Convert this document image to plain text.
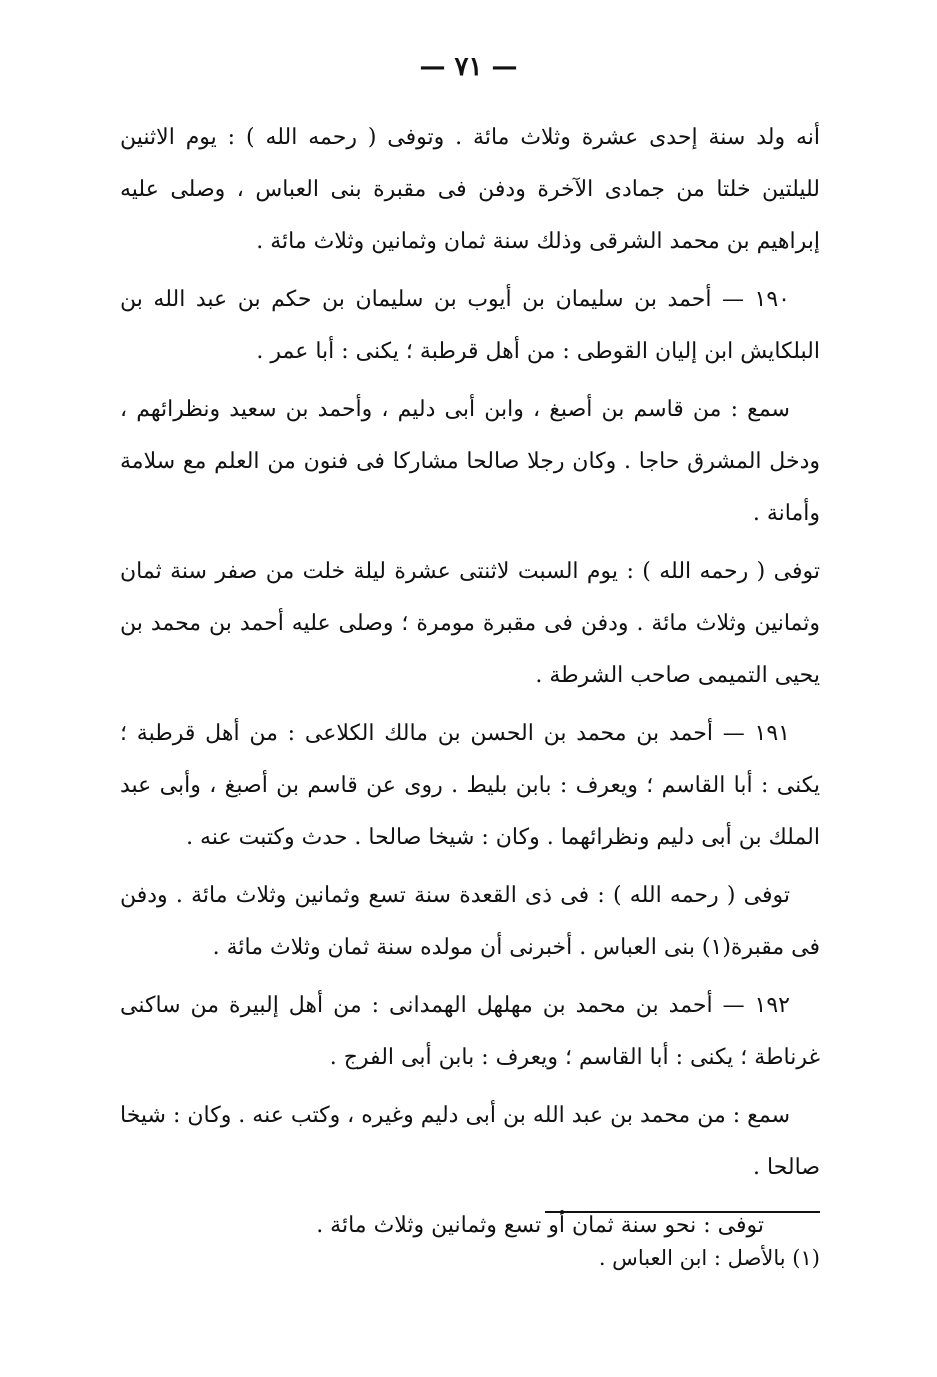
— ٧١ —

أنه ولد سنة إحدى عشرة وثلاث مائة . وتوفى ( رحمه الله ) : يوم الاثنين لليلتين خلتا من جمادى الآخرة ودفن فى مقبرة بنى العباس ، وصلى عليه إبراهيم بن محمد الشرقى وذلك سنة ثمان وثمانين وثلاث مائة .

١٩٠ — أحمد بن سليمان بن أيوب بن سليمان بن حكم بن عبد الله بن البلكايش ابن إليان القوطى : من أهل قرطبة ؛ يكنى : أبا عمر .

سمع : من قاسم بن أصبغ ، وابن أبى دليم ، وأحمد بن سعيد ونظرائهم ، ودخل المشرق حاجا . وكان رجلا صالحا مشاركا فى فنون من العلم مع سلامة وأمانة .

توفى ( رحمه الله ) : يوم السبت لاثنتى عشرة ليلة خلت من صفر سنة ثمان وثمانين وثلاث مائة . ودفن فى مقبرة مومرة ؛ وصلى عليه أحمد بن محمد بن يحيى التميمى صاحب الشرطة .

١٩١ — أحمد بن محمد بن الحسن بن مالك الكلاعى : من أهل قرطبة ؛ يكنى : أبا القاسم ؛ ويعرف : بابن بليط . روى عن قاسم بن أصبغ ، وأبى عبد الملك بن أبى دليم ونظرائهما . وكان : شيخا صالحا . حدث وكتبت عنه .

توفى ( رحمه الله ) : فى ذى القعدة سنة تسع وثمانين وثلاث مائة . ودفن فى مقبرة(١) بنى العباس . أخبرنى أن مولده سنة ثمان وثلاث مائة .

١٩٢ — أحمد بن محمد بن مهلهل الهمدانى : من أهل إلبيرة من ساكنى غرناطة ؛ يكنى : أبا القاسم ؛ ويعرف : بابن أبى الفرج .

سمع : من محمد بن عبد الله بن أبى دليم وغيره ، وكتب عنه . وكان : شيخا صالحا .

توفى : نحو سنة ثمان أو تسع وثمانين وثلاث مائة .

(١) بالأصل : ابن العباس .
